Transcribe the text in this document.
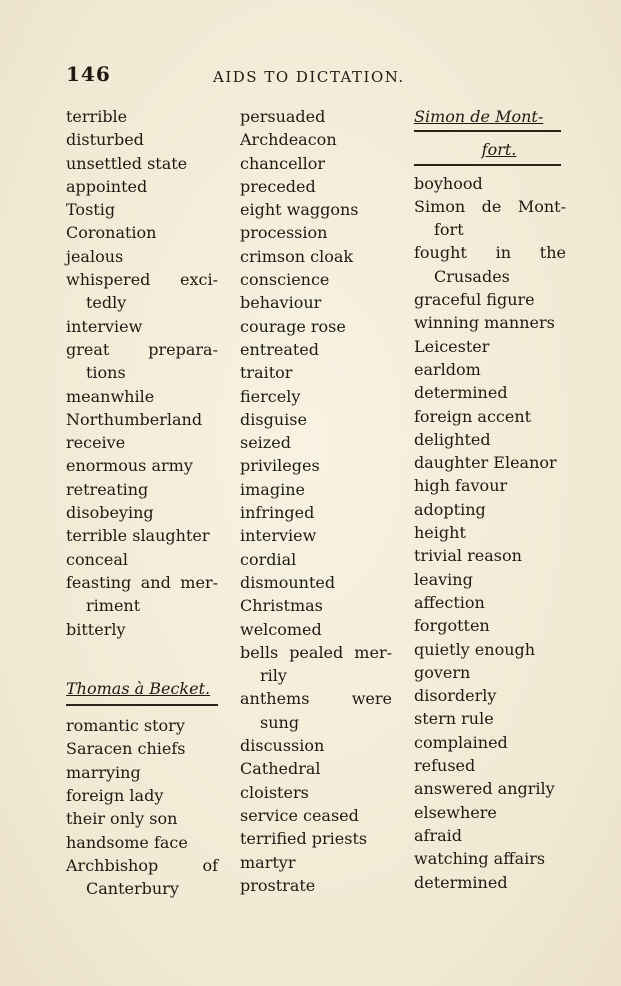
146	AIDS TO DICTATION.
terrible
disturbed
unsettled state
appointed
Tostig
Coronation
jealous
whispered exci-
tedly
interview
great prepara-
tions
meanwhile
Northumberland
receive
enormous army
retreating
disobeying
terrible slaughter
conceal
feasting and mer-
riment
bitterly
Thomas à Becket.
romantic story
Saracen chiefs
marrying
foreign lady
their only son
handsome face
Archbishop of
Canterbury
persuaded
Archdeacon
chancellor
preceded
eight waggons
procession
crimson cloak
conscience
behaviour
courage rose
entreated
traitor
fiercely
disguise
seized
privileges
imagine
infringed
interview
cordial
dismounted
Christmas
welcomed
bells pealed mer-
rily
anthems were
sung
discussion
Cathedral
cloisters
service ceased
terrified priests
martyr
prostrate
Simon de Mont-
fort.
boyhood
Simon de Mont-
fort
fought in the
Crusades
graceful figure
winning manners
Leicester
earldom
determined
foreign accent
delighted
daughter Eleanor
high favour
adopting
height
trivial reason
leaving
affection
forgotten
quietly enough
govern
disorderly
stern rule
complained
refused
answered angrily
elsewhere
afraid
watching affairs
determined
